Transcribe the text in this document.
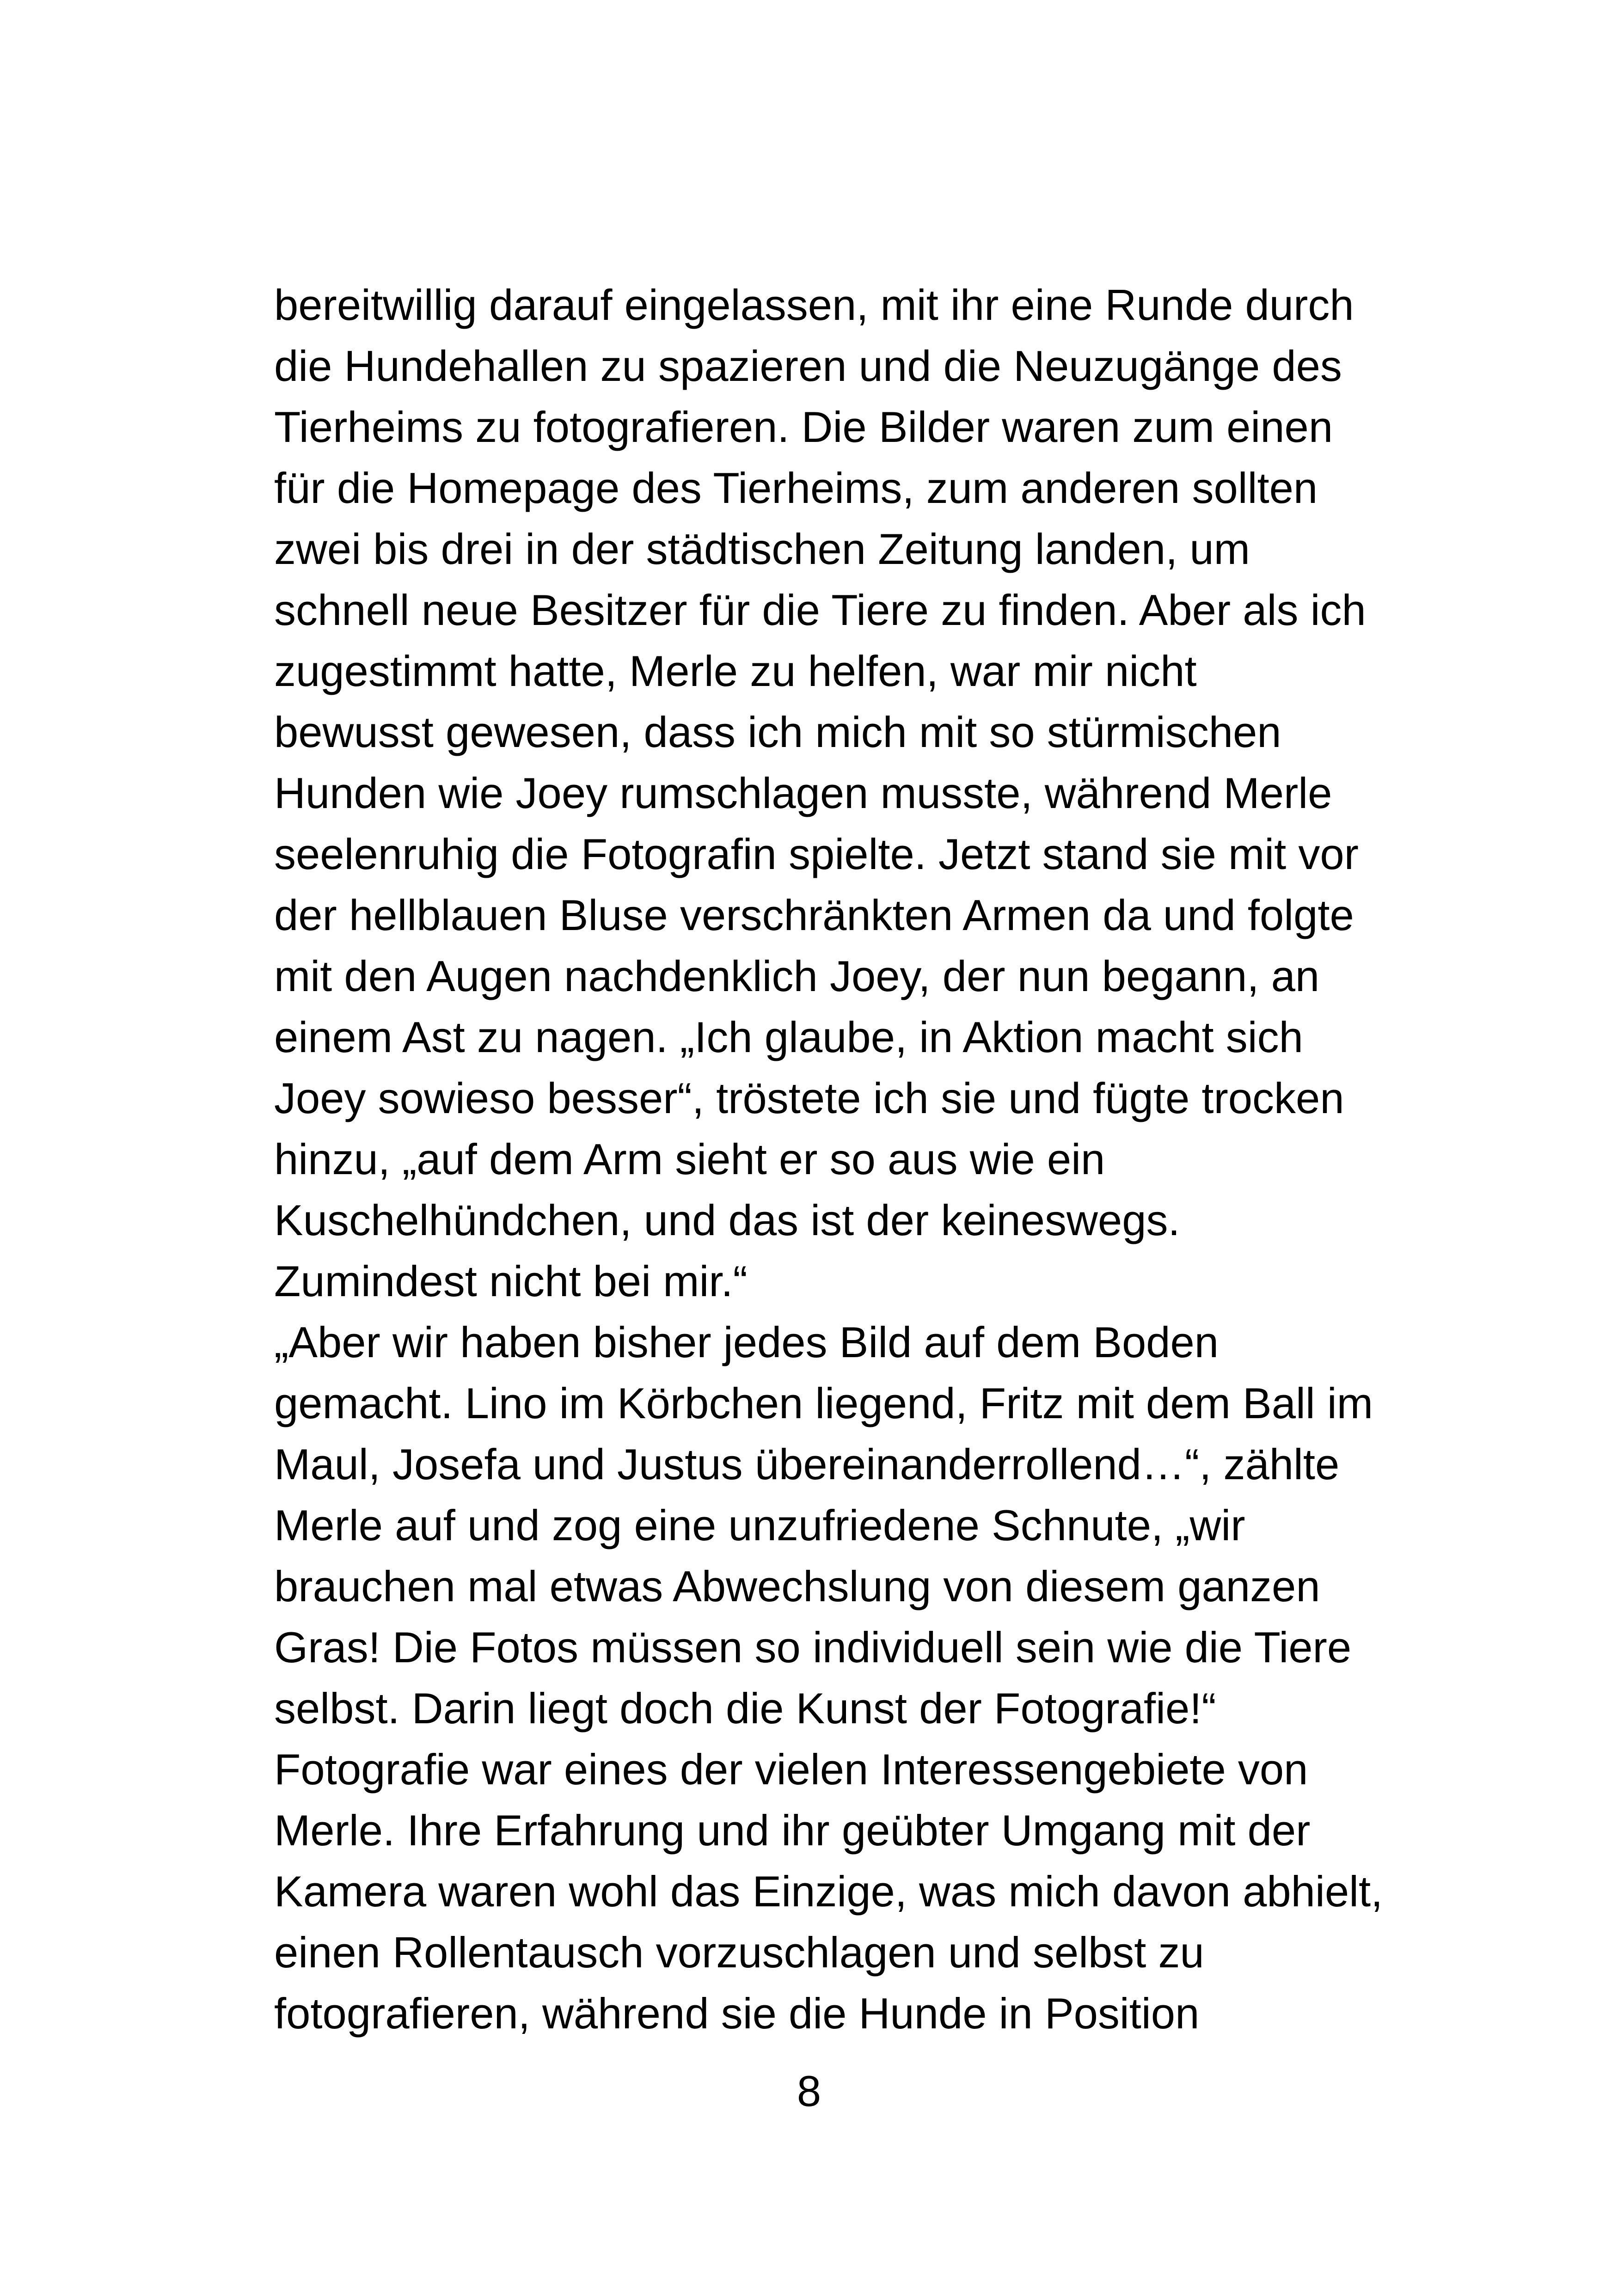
bereitwillig darauf eingelassen, mit ihr eine Runde durch
die Hundehallen zu spazieren und die Neuzugänge des
Tierheims zu fotografieren. Die Bilder waren zum einen
für die Homepage des Tierheims, zum anderen sollten
zwei bis drei in der städtischen Zeitung landen, um
schnell neue Besitzer für die Tiere zu finden. Aber als ich
zugestimmt hatte, Merle zu helfen, war mir nicht
bewusst gewesen, dass ich mich mit so stürmischen
Hunden wie Joey rumschlagen musste, während Merle
seelenruhig die Fotografin spielte. Jetzt stand sie mit vor
der hellblauen Bluse verschränkten Armen da und folgte
mit den Augen nachdenklich Joey, der nun begann, an
einem Ast zu nagen. „Ich glaube, in Aktion macht sich
Joey sowieso besser“, tröstete ich sie und fügte trocken
hinzu, „auf dem Arm sieht er so aus wie ein
Kuschelhündchen, und das ist der keineswegs.
Zumindest nicht bei mir.“
„Aber wir haben bisher jedes Bild auf dem Boden
gemacht. Lino im Körbchen liegend, Fritz mit dem Ball im
Maul, Josefa und Justus übereinanderrollend…“, zählte
Merle auf und zog eine unzufriedene Schnute, „wir
brauchen mal etwas Abwechslung von diesem ganzen
Gras! Die Fotos müssen so individuell sein wie die Tiere
selbst. Darin liegt doch die Kunst der Fotografie!“
Fotografie war eines der vielen Interessengebiete von
Merle. Ihre Erfahrung und ihr geübter Umgang mit der
Kamera waren wohl das Einzige, was mich davon abhielt,
einen Rollentausch vorzuschlagen und selbst zu
fotografieren, während sie die Hunde in Position
8
